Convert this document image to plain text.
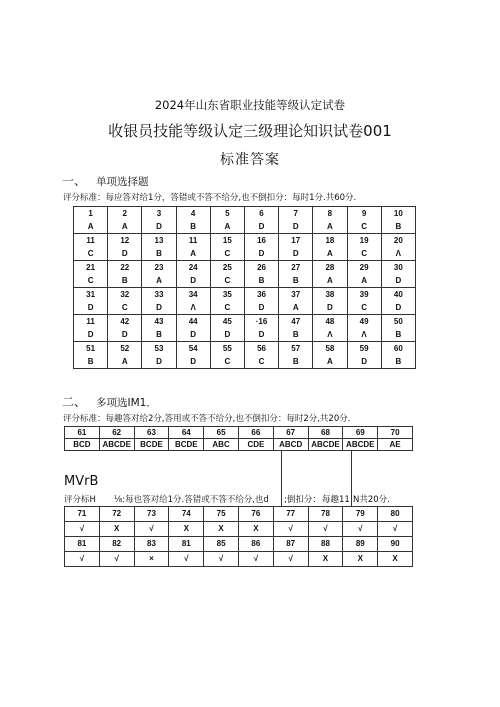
2024年山东省职业技能等级认定试卷
收银员技能等级认定三级理论知识试卷001
标准答案
一、 单项选择题
评分标准：每应答对给1分，答错或不答不给分,也不倒扣分：每时1分.共60分.
1	2	3	4	5	6	7	8	9	10
A	A	D	B	A	D	D	A	C	B
11	12	13	11	15	16	17	18	19	20
C	D	B	A	C	D	D	A	C	Λ
21	22	23	24	25	26	27	28	29	30
C	B	A	D	C	B	B	A	A	D
31	32	33	34	35	36	37	38	39	40
D	C	D	Λ	C	D	A	D	C	D
11	42	43	44	45	·16	47	48	49	50
D	D	B	D	D	D	B	Λ	Λ	B
51	52	53	54	55	56	57	58	59	60
B	A	D	D	C	C	B	A	D	B
二、 多项选IM1．
评分标准：每趣答对给2分,答用或不答不给分,也不倒扣分：每时2分,共20分.
61	62	63	64	65	66	67	68	69	70
BCD	ABCDE	BCDE	BCDE	ABC	CDE	ABCD	ABCDE	ABCDE	AE
MVrB
评分标H ⅛:每也答对给1分.答错或不答不给分,也d ;倒扣分： 每趣11 N共20分.
71	72	73	74	75	76	77	78	79	80
√	X	√	X	X	X	√	√	√	√
81	82	83	81	85	86	87	88	89	90
√	√	×	√	√	√	√	X	X	X
